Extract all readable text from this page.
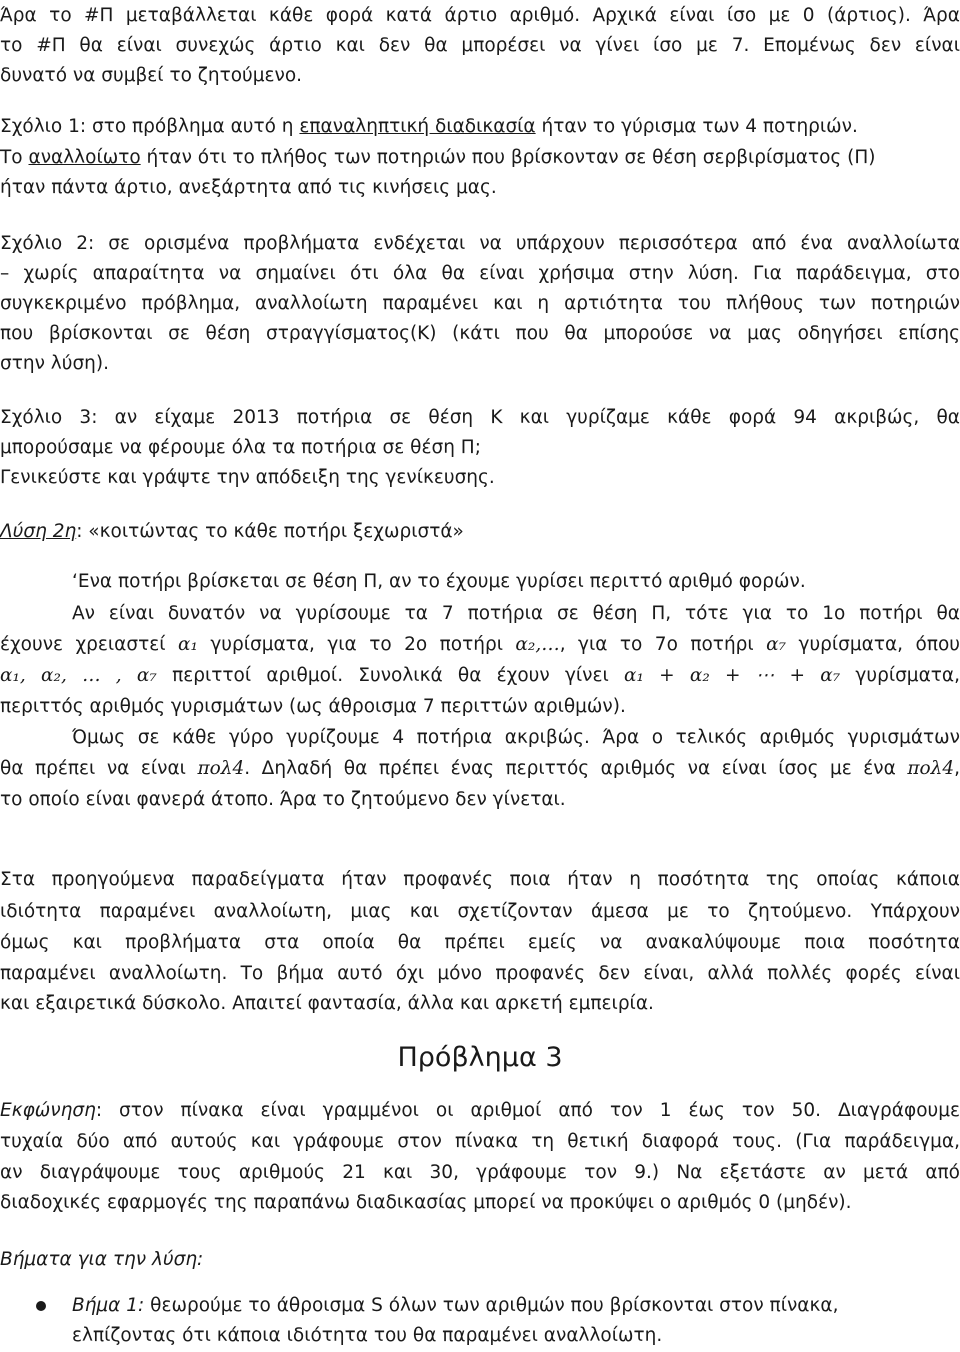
Άρα το #Π μεταβάλλεται κάθε φορά κατά άρτιο αριθμό. Αρχικά είναι ίσο με 0 (άρτιος). Άρα
το #Π θα είναι συνεχώς άρτιο και δεν θα μπορέσει να γίνει ίσο με 7. Επομένως δεν είναι
δυνατό να συμβεί το ζητούμενο.
Σχόλιο 1: στο πρόβλημα αυτό η επαναληπτική διαδικασία ήταν το γύρισμα των 4 ποτηριών.
Το αναλλοίωτο ήταν ότι το πλήθος των ποτηριών που βρίσκονταν σε θέση σερβιρίσματος (Π)
ήταν πάντα άρτιο, ανεξάρτητα από τις κινήσεις μας.
Σχόλιο 2: σε ορισμένα προβλήματα ενδέχεται να υπάρχουν περισσότερα από ένα αναλλοίωτα
– χωρίς απαραίτητα να σημαίνει ότι όλα θα είναι χρήσιμα στην λύση. Για παράδειγμα, στο
συγκεκριμένο πρόβλημα, αναλλοίωτη παραμένει και η αρτιότητα του πλήθους των ποτηριών
που βρίσκονται σε θέση στραγγίσματος(Κ) (κάτι που θα μπορούσε να μας οδηγήσει επίσης
στην λύση).
Σχόλιο 3: αν είχαμε 2013 ποτήρια σε θέση Κ και γυρίζαμε κάθε φορά 94 ακριβώς, θα
μπορούσαμε να φέρουμε όλα τα ποτήρια σε θέση Π;
Γενικεύστε και γράψτε την απόδειξη της γενίκευσης.
Λύση 2η: «κοιτώντας το κάθε ποτήρι ξεχωριστά»
‘Ενα ποτήρι βρίσκεται σε θέση Π, αν το έχουμε γυρίσει περιττό αριθμό φορών.
Αν είναι δυνατόν να γυρίσουμε τα 7 ποτήρια σε θέση Π, τότε για το 1ο ποτήρι θα
έχουνε χρειαστεί α₁ γυρίσματα, για το 2ο ποτήρι α₂,…, για το 7ο ποτήρι α₇ γυρίσματα, όπου
α₁, α₂, … , α₇ περιττοί αριθμοί. Συνολικά θα έχουν γίνει α₁ + α₂ + ⋯ + α₇ γυρίσματα,
περιττός αριθμός γυρισμάτων (ως άθροισμα 7 περιττών αριθμών).
Όμως σε κάθε γύρο γυρίζουμε 4 ποτήρια ακριβώς. Άρα ο τελικός αριθμός γυρισμάτων
θα πρέπει να είναι πολ4. Δηλαδή θα πρέπει ένας περιττός αριθμός να είναι ίσος με ένα πολ4,
το οποίο είναι φανερά άτοπο. Άρα το ζητούμενο δεν γίνεται.
Στα προηγούμενα παραδείγματα ήταν προφανές ποια ήταν η ποσότητα της οποίας κάποια
ιδιότητα παραμένει αναλλοίωτη, μιας και σχετίζονταν άμεσα με το ζητούμενο. Υπάρχουν
όμως και προβλήματα στα οποία θα πρέπει εμείς να ανακαλύψουμε ποια ποσότητα
παραμένει αναλλοίωτη. Το βήμα αυτό όχι μόνο προφανές δεν είναι, αλλά πολλές φορές είναι
και εξαιρετικά δύσκολο. Απαιτεί φαντασία, άλλα και αρκετή εμπειρία.
Πρόβλημα 3
Εκφώνηση: στον πίνακα είναι γραμμένοι οι αριθμοί από τον 1 έως τον 50. Διαγράφουμε
τυχαία δύο από αυτούς και γράφουμε στον πίνακα τη θετική διαφορά τους. (Για παράδειγμα,
αν διαγράψουμε τους αριθμούς 21 και 30, γράφουμε τον 9.) Να εξετάστε αν μετά από
διαδοχικές εφαρμογές της παραπάνω διαδικασίας μπορεί να προκύψει ο αριθμός 0 (μηδέν).
Βήματα για την λύση:
Βήμα 1: θεωρούμε το άθροισμα S όλων των αριθμών που βρίσκονται στον πίνακα,
ελπίζοντας ότι κάποια ιδιότητα του θα παραμένει αναλλοίωτη.
